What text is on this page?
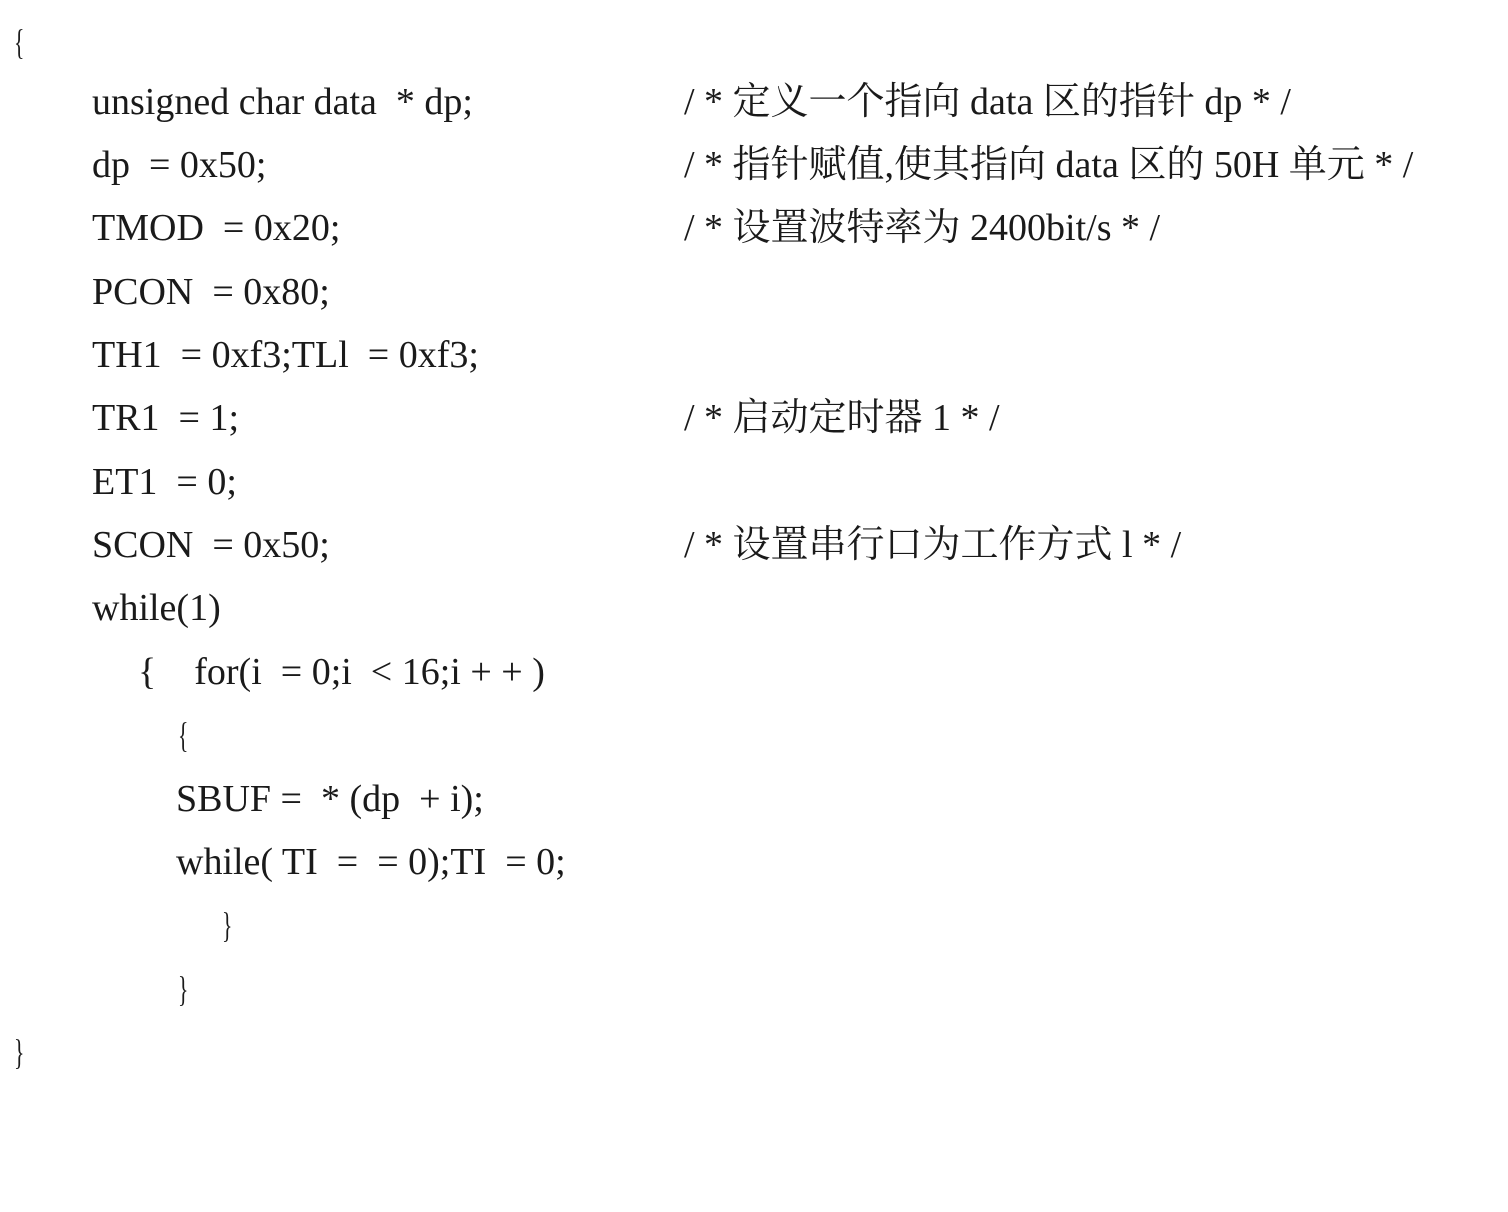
{

unsigned char data  * dp;

	/ * 定义一个指向 data 区的指针 dp * /

dp  = 0x50;

	/ * 指针赋值,使其指向 data 区的 50H 单元 * /

TMOD  = 0x20;

	/ * 设置波特率为 2400bit/s * /

PCON  = 0x80;

TH1  = 0xf3;TLl  = 0xf3;

TR1  = 1;

	/ * 启动定时器 1 * /

ET1  = 0;

SCON  = 0x50;

	/ * 设置串行口为工作方式 l * /

while(1)

{    for(i  = 0;i  < 16;i + + )

{

SBUF =  * (dp  + i);

while( TI  =  = 0);TI  = 0;

}

}

}
